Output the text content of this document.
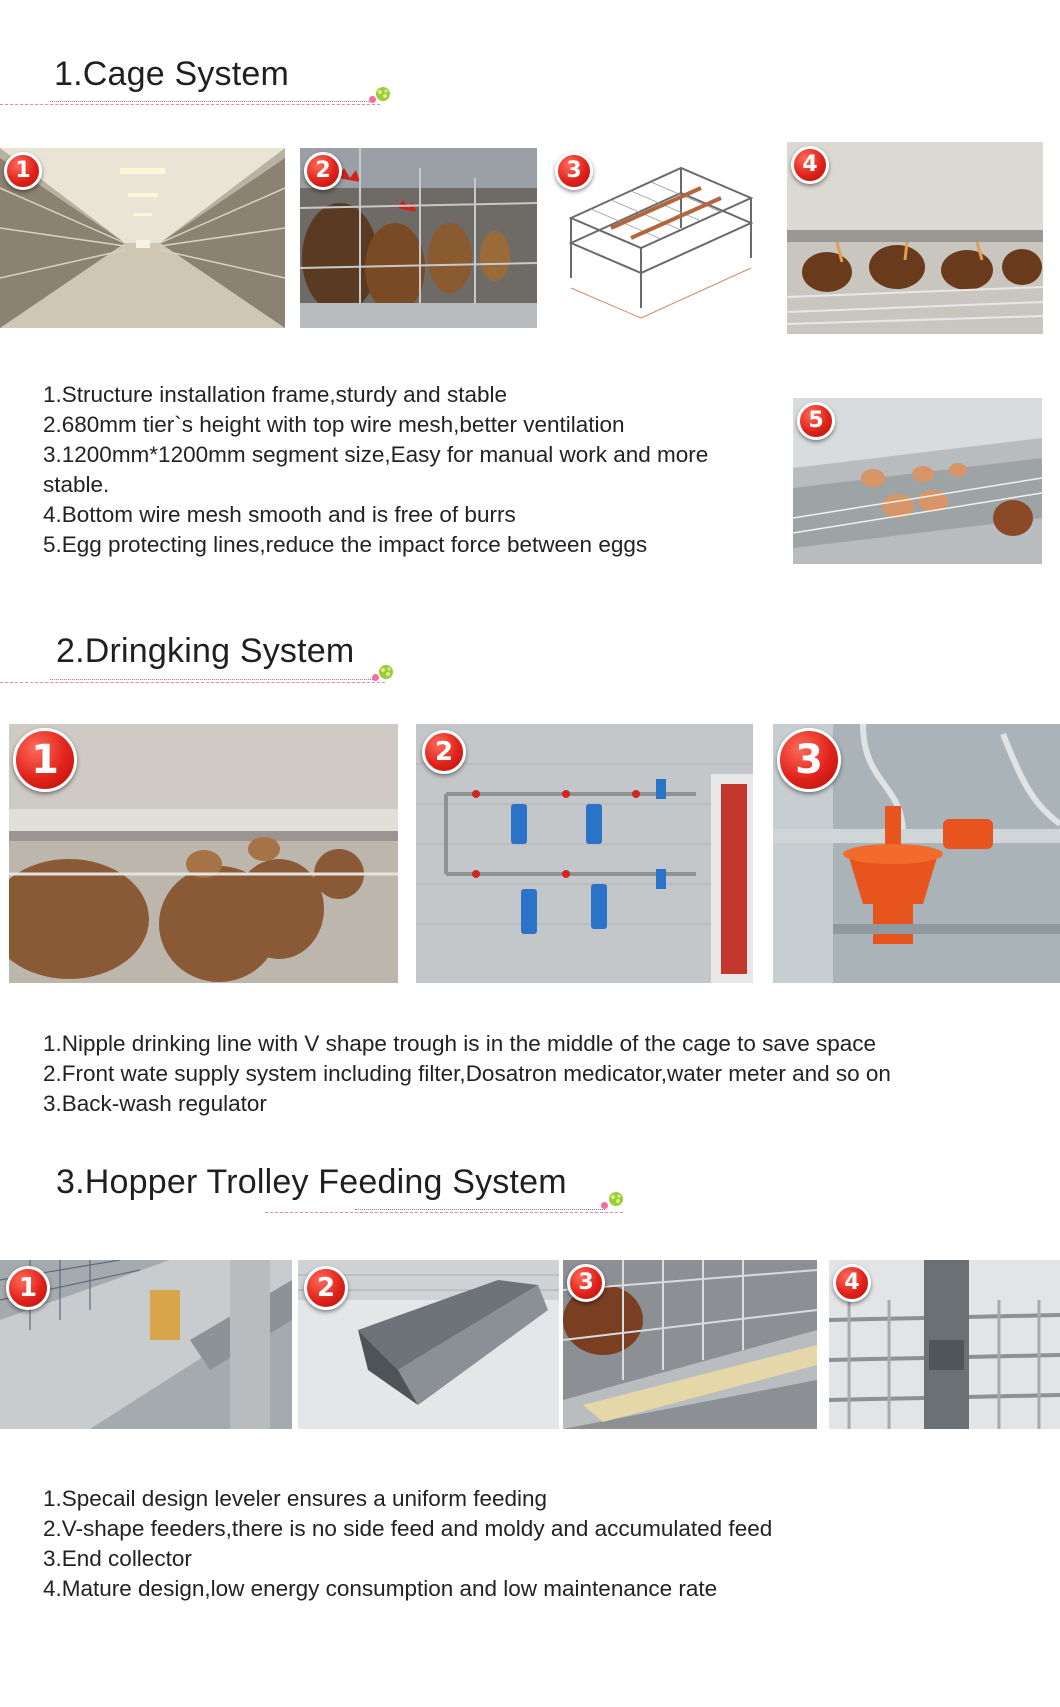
1.Cage System
1	2	3	4
1.Structure installation frame,sturdy and stable
2.680mm tier`s height with top wire mesh,better ventilation
3.1200mm*1200mm segment size,Easy for manual work and more stable.
4.Bottom wire mesh smooth and is free of burrs
5.Egg protecting lines,reduce the impact force between eggs
5
2.Dringking System
1	2	3
1.Nipple drinking line with V shape trough is in the middle of the cage to save space
2.Front wate supply system including filter,Dosatron medicator,water meter and so on
3.Back-wash regulator
3.Hopper Trolley Feeding System
1	2	3	4
1.Specail design leveler ensures a uniform feeding
2.V-shape feeders,there is no side feed and moldy and accumulated feed
3.End collector
4.Mature design,low energy consumption and low maintenance rate
